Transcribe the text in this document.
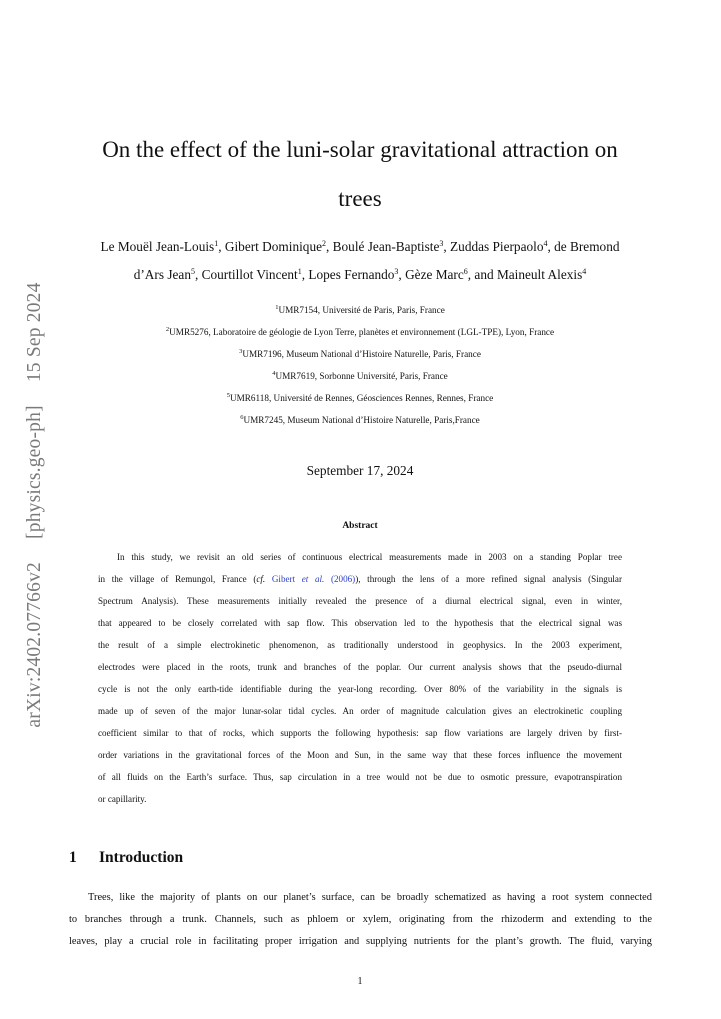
arXiv:2402.07766v2 [physics.geo-ph] 15 Sep 2024
On the effect of the luni-solar gravitational attraction on
trees
Le Mouël Jean-Louis$^1$, Gibert Dominique$^2$, Boulé Jean-Baptiste$^3$, Zuddas Pierpaolo$^4$, de Bremond
d’Ars Jean$^5$, Courtillot Vincent$^1$, Lopes Fernando$^3$, Gèze Marc$^6$, and Maineult Alexis$^4$
$^1$UMR7154, Université de Paris, Paris, France
$^2$UMR5276, Laboratoire de géologie de Lyon Terre, planètes et environnement (LGL-TPE), Lyon, France
$^3$UMR7196, Museum National d’Histoire Naturelle, Paris, France
$^4$UMR7619, Sorbonne Université, Paris, France
$^5$UMR6118, Université de Rennes, Géosciences Rennes, Rennes, France
$^6$UMR7245, Museum National d’Histoire Naturelle, Paris,France
September 17, 2024
Abstract
In this study, we revisit an old series of continuous electrical measurements made in 2003 on a standing Poplar tree
in the village of Remungol, France (cf. Gibert et al. (2006)), through the lens of a more refined signal analysis (Singular
Spectrum Analysis). These measurements initially revealed the presence of a diurnal electrical signal, even in winter,
that appeared to be closely correlated with sap flow. This observation led to the hypothesis that the electrical signal was
the result of a simple electrokinetic phenomenon, as traditionally understood in geophysics. In the 2003 experiment,
electrodes were placed in the roots, trunk and branches of the poplar. Our current analysis shows that the pseudo-diurnal
cycle is not the only earth-tide identifiable during the year-long recording. Over 80% of the variability in the signals is
made up of seven of the major lunar-solar tidal cycles. An order of magnitude calculation gives an electrokinetic coupling
coefficient similar to that of rocks, which supports the following hypothesis: sap flow variations are largely driven by first-
order variations in the gravitational forces of the Moon and Sun, in the same way that these forces influence the movement
of all fluids on the Earth’s surface. Thus, sap circulation in a tree would not be due to osmotic pressure, evapotranspiration
or capillarity.
1 Introduction
Trees, like the majority of plants on our planet’s surface, can be broadly schematized as having a root system connected
to branches through a trunk. Channels, such as phloem or xylem, originating from the rhizoderm and extending to the
leaves, play a crucial role in facilitating proper irrigation and supplying nutrients for the plant’s growth. The fluid, varying
1
